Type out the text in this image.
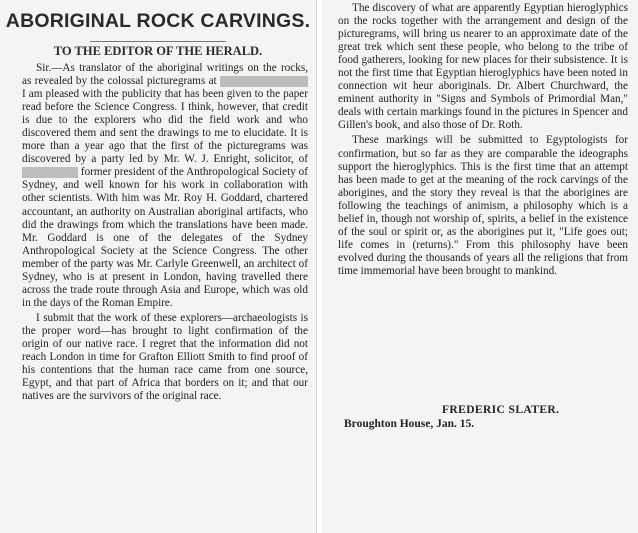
ABORIGINAL ROCK CARVINGS.
TO THE EDITOR OF THE HERALD.

Sir.—As translator of the aboriginal writings on the rocks, as revealed by the colossal picturegrams at  I am pleased with the publicity that has been given to the paper read before the Science Congress. I think, however, that credit is due to the explorers who did the field work and who discovered them and sent the drawings to me to elucidate. It is more than a year ago that the first of the picturegrams was discovered by a party led by Mr. W. J. Enright, solicitor, of  former president of the Anthropological Society of Sydney, and well known for his work in collaboration with other scientists. With him was Mr. Roy H. Goddard, chartered accountant, an authority on Australian aboriginal artifacts, who did the drawings from which the translations have been made. Mr. Goddard is one of the delegates of the Sydney Anthropological Society at the Science Congress. The other member of the party was Mr. Carlyle Greenwell, an architect of Sydney, who is at present in London, having travelled there across the trade route through Asia and Europe, which was old in the days of the Roman Empire.

I submit that the work of these explorers—archaeologists is the proper word—has brought to light confirmation of the origin of our native race. I regret that the information did not reach London in time for Grafton Elliott Smith to find proof of his contentions that the human race came from one source, Egypt, and that part of Africa that borders on it; and that our natives are the survivors of the original race.

The discovery of what are apparently Egyptian hieroglyphics on the rocks together with the arrangement and design of the picturegrams, will bring us nearer to an approximate date of the great trek which sent these people, who belong to the tribe of food gatherers, looking for new places for their subsistence. It is not the first time that Egyptian hieroglyphics have been noted in connection wit heur aboriginals. Dr. Albert Churchward, the eminent authority in "Signs and Symbols of Primordial Man," deals with certain markings found in the pictures in Spencer and Gillen's book, and also those of Dr. Roth.

These markings will be submitted to Egyptologists for confirmation, but so far as they are comparable the ideographs support the hieroglyphics. This is the first time that an attempt has been made to get at the meaning of the rock carvings of the aborigines, and the story they reveal is that the aborigines are following the teachings of animism, a philosophy which is a belief in, though not worship of, spirits, a belief in the existence of the soul or spirit or, as the aborigines put it, "Life goes out; life comes in (returns)." From this philosophy have been evolved during the thousands of years all the religions that from time immemorial have been brought to mankind.

FREDERIC SLATER.
Broughton House, Jan. 15.
